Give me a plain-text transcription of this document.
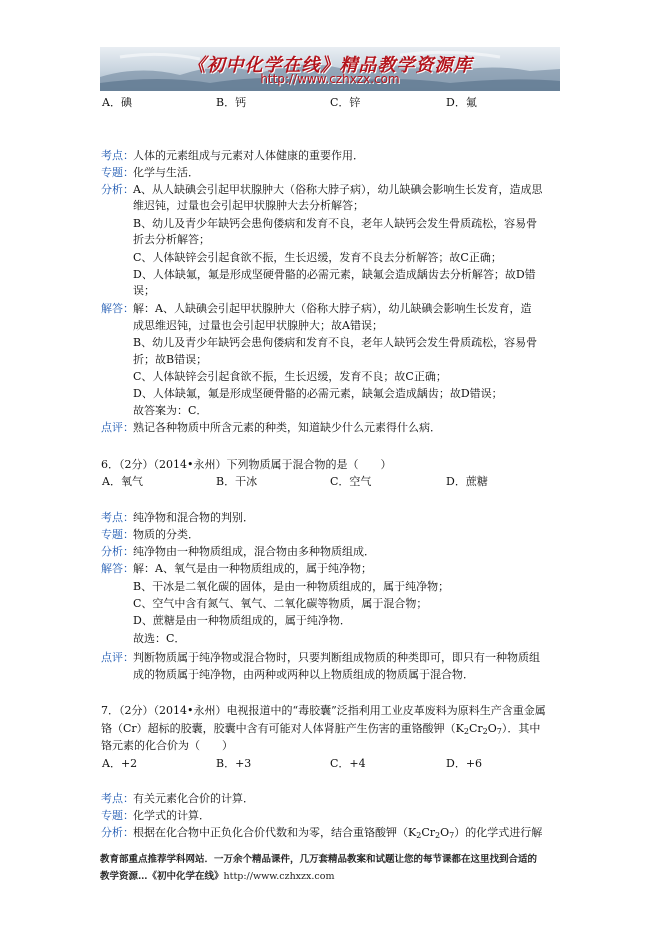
《初中化学在线》精品教学资源库
http://www.czhxzx.com
A．碘	B．钙	C．锌	D．氟
考点： 人体的元素组成与元素对人体健康的重要作用．
专题： 化学与生活．
分析： A、从人缺碘会引起甲状腺肿大（俗称大脖子病），幼儿缺碘会影响生长发育，造成思
维迟钝，过量也会引起甲状腺肿大去分析解答；
B、幼儿及青少年缺钙会患佝偻病和发育不良，老年人缺钙会发生骨质疏松，容易骨
折去分析解答；
C、人体缺锌会引起食欲不振，生长迟缓，发育不良去分析解答；故C正确；
D、人体缺氟，氟是形成坚硬骨骼的必需元素，缺氟会造成龋齿去分析解答；故D错
误；
解答： 解：A、人缺碘会引起甲状腺肿大（俗称大脖子病），幼儿缺碘会影响生长发育，造
成思维迟钝，过量也会引起甲状腺肿大；故A错误；
B、幼儿及青少年缺钙会患佝偻病和发育不良，老年人缺钙会发生骨质疏松，容易骨
折；故B错误；
C、人体缺锌会引起食欲不振，生长迟缓，发育不良；故C正确；
D、人体缺氟，氟是形成坚硬骨骼的必需元素，缺氟会造成龋齿；故D错误；
故答案为：C．
点评： 熟记各种物质中所含元素的种类，知道缺少什么元素得什么病．
6．（2分）（2014•永州）下列物质属于混合物的是（　　）
A．氧气	B．干冰	C．空气	D．蔗糖
考点： 纯净物和混合物的判别．
专题： 物质的分类．
分析： 纯净物由一种物质组成，混合物由多种物质组成．
解答： 解：A、氧气是由一种物质组成的，属于纯净物；
B、干冰是二氧化碳的固体，是由一种物质组成的，属于纯净物；
C、空气中含有氮气、氧气、二氧化碳等物质，属于混合物；
D、蔗糖是由一种物质组成的，属于纯净物．
故选：C．
点评： 判断物质属于纯净物或混合物时，只要判断组成物质的种类即可，即只有一种物质组
成的物质属于纯净物，由两种或两种以上物质组成的物质属于混合物．
7．（2分）（2014•永州）电视报道中的“毒胶囊”泛指利用工业皮革废料为原料生产含重金属
铬（Cr）超标的胶囊，胶囊中含有可能对人体肾脏产生伤害的重铬酸钾$(K_2Cr_2O_7)$．其中
铬元素的化合价为（　　）
A．+2	B．+3	C．+4	D．+6
考点： 有关元素化合价的计算．
专题： 化学式的计算．
分析： 根据在化合物中正负化合价代数和为零，结合重铬酸钾$(K_2Cr_2O_7)$的化学式进行解
教育部重点推荐学科网站．一万余个精品课件，几万套精品教案和试题让您的每节课都在这里找到合适的
教学资源…《初中化学在线》http://www.czhxzx.com
